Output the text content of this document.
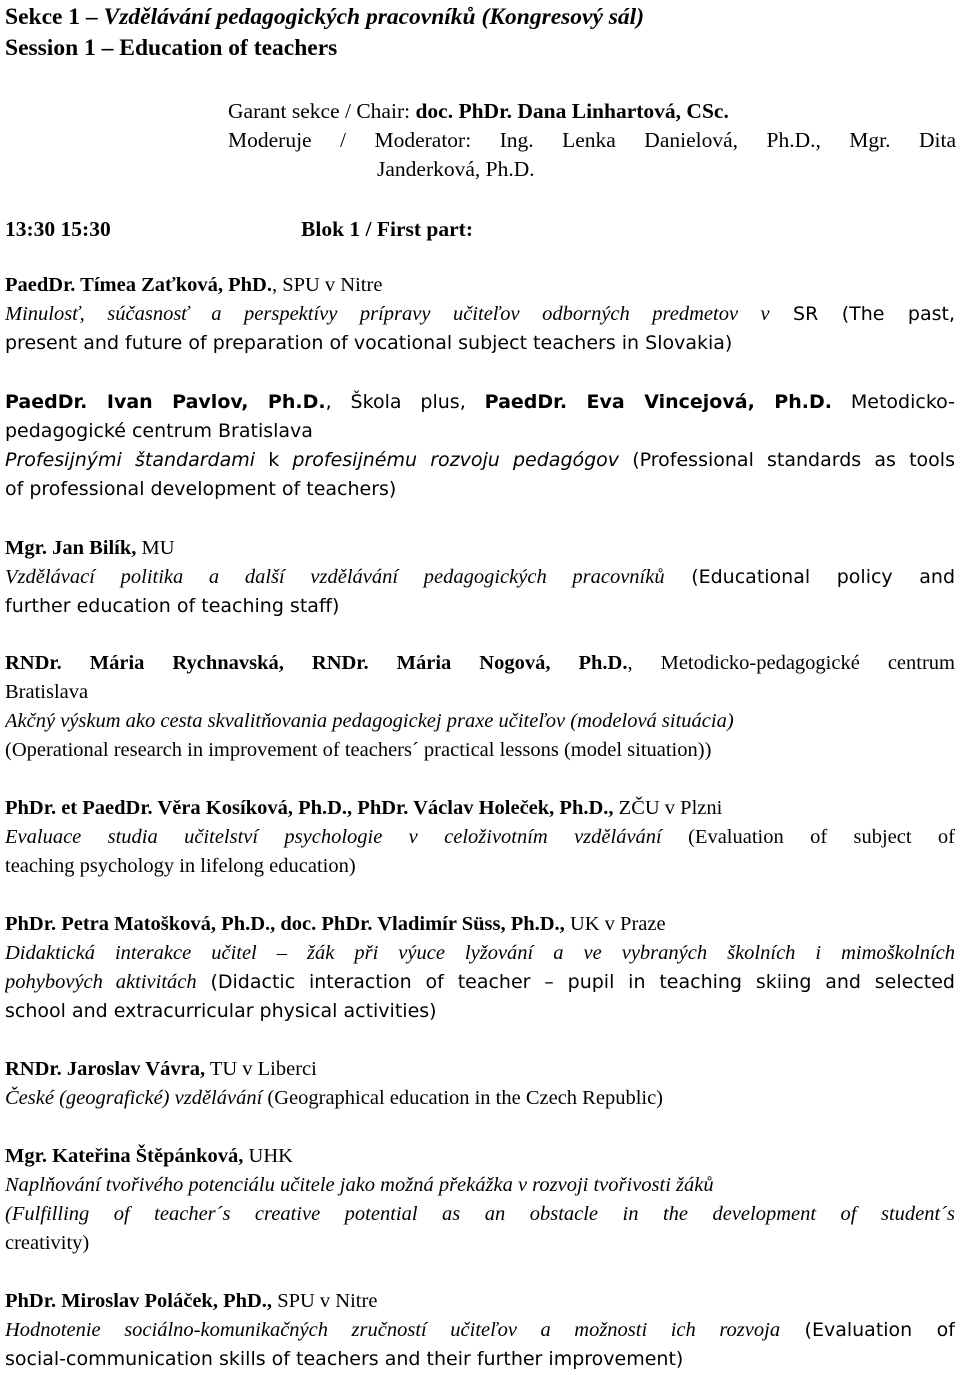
Sekce 1 – Vzdělávání pedagogických pracovníků (Kongresový sál)
Session 1 – Education of teachers
Garant sekce / Chair: doc. PhDr. Dana Linhartová, CSc.
Moderuje / Moderator: Ing. Lenka Danielová, Ph.D., Mgr. Dita
Janderková, Ph.D.
13:30 15:30	Blok 1 / First part:
PaedDr. Tímea Zaťková, PhD., SPU v Nitre
Minulosť, súčasnosť a perspektívy prípravy učiteľov odborných predmetov v SR (The past,
present and future of preparation of vocational subject teachers in Slovakia)
PaedDr. Ivan Pavlov, Ph.D., Škola plus, PaedDr. Eva Vincejová, Ph.D. Metodicko-
pedagogické centrum Bratislava
Profesijnými štandardami k profesijnému rozvoju pedagógov (Professional standards as tools
of professional development of teachers)
Mgr. Jan Bilík, MU
Vzdělávací politika a další vzdělávání pedagogických pracovníků (Educational policy and
further education of teaching staff)
RNDr. Mária Rychnavská, RNDr. Mária Nogová, Ph.D., Metodicko-pedagogické centrum
Bratislava
Akčný výskum ako cesta skvalitňovania pedagogickej praxe učiteľov (modelová situácia)
(Operational research in improvement of teachers´ practical lessons (model situation))
PhDr. et PaedDr. Věra Kosíková, Ph.D., PhDr. Václav Holeček, Ph.D., ZČU v Plzni
Evaluace studia učitelství psychologie v celoživotním vzdělávání (Evaluation of subject of
teaching psychology in lifelong education)
PhDr. Petra Matošková, Ph.D., doc. PhDr. Vladimír Süss, Ph.D., UK v Praze
Didaktická interakce učitel – žák při výuce lyžování a ve vybraných školních i mimoškolních
pohybových aktivitách (Didactic interaction of teacher – pupil in teaching skiing and selected
school and extracurricular physical activities)
RNDr. Jaroslav Vávra, TU v Liberci
České (geografické) vzdělávání (Geographical education in the Czech Republic)
Mgr. Kateřina Štěpánková, UHK
Naplňování tvořivého potenciálu učitele jako možná překážka v rozvoji tvořivosti žáků
(Fulfilling of teacher´s creative potential as an obstacle in the development of student´s
creativity)
PhDr. Miroslav Poláček, PhD., SPU v Nitre
Hodnotenie sociálno-komunikačných zručností učiteľov a možnosti ich rozvoja (Evaluation of
social-communication skills of teachers and their further improvement)
